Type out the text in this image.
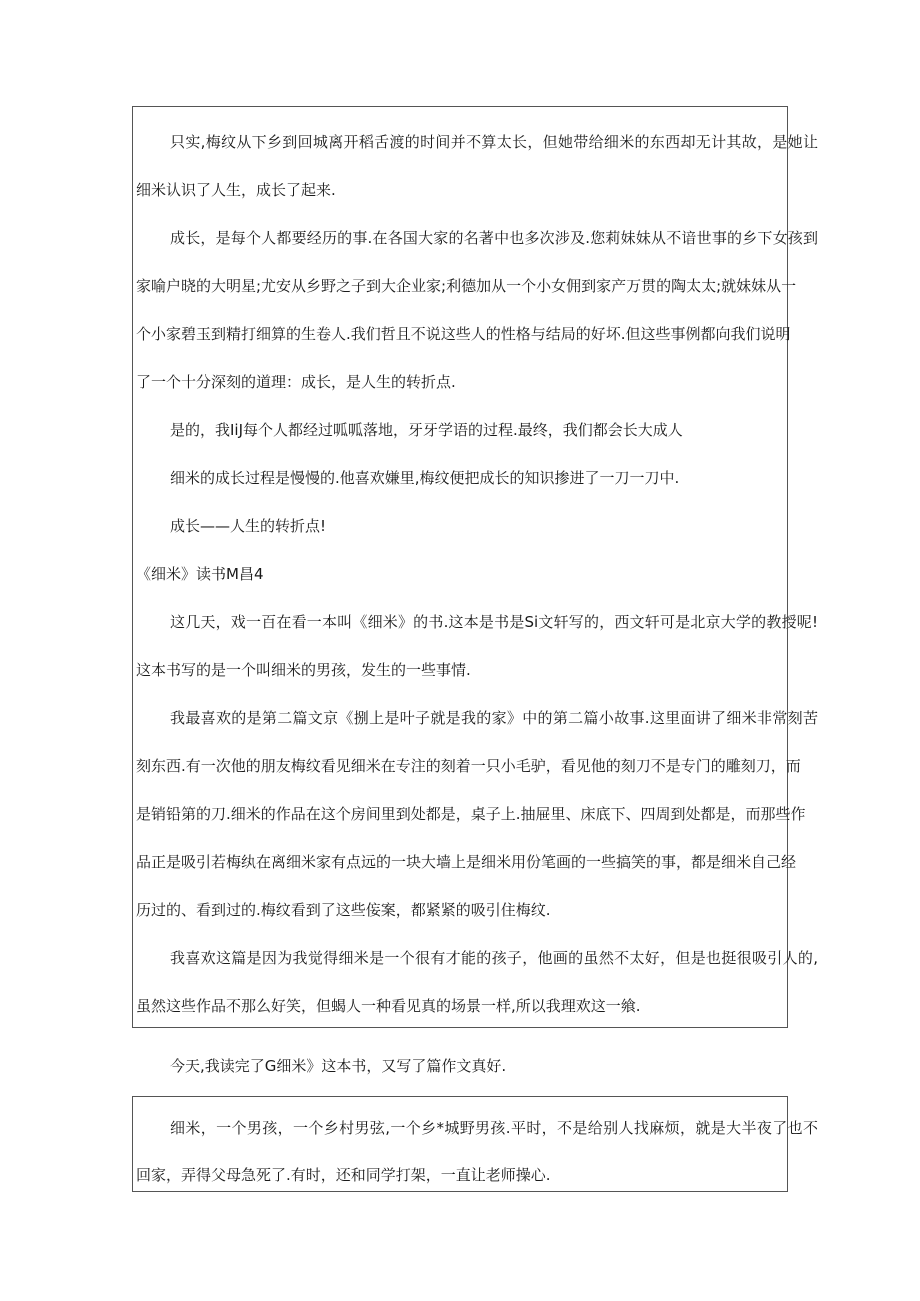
只实,梅纹从下乡到回城离开稻舌渡的时间并不算太长，但她带给细米的东西却无计其故，是她让
细米认识了人生，成长了起来.
成长，是每个人都要经历的事.在各国大家的名著中也多次涉及.您莉妹妹从不谙世事的乡下女孩到
家喻户晓的大明星;尤安从乡野之子到大企业家;利德加从一个小女佣到家产万贯的陶太太;就妹妹从一
个小家碧玉到精打细算的生卷人.我们哲且不说这些人的性格与结局的好坏.但这些事例都向我们说明
了一个十分深刻的道理：成长，是人生的转折点.
是的，我IiJ每个人都经过呱呱落地，牙牙学语的过程.最终，我们都会长大成人
细米的成长过程是慢慢的.他喜欢嫌里,梅纹便把成长的知识掺进了一刀一刀中.
成长——人生的转折点!
《细米》读书M昌4
这几天，戏一百在看一本叫《细米》的书.这本是书是Si文轩写的，西文轩可是北京大学的教授呢!
这本书写的是一个叫细米的男孩，发生的一些事情.
我最喜欢的是第二篇文京《捌上是叶子就是我的家》中的第二篇小故事.这里面讲了细米非常刻苦
刻东西.有一次他的朋友梅纹看见细米在专注的刻着一只小毛驴，看见他的刻刀不是专门的雕刻刀，而
是销铅第的刀.细米的作品在这个房间里到处都是，桌子上.抽屉里、床底下、四周到处都是，而那些作
品正是吸引若梅纨在离细米家有点远的一块大墙上是细米用份笔画的一些搞笑的事，都是细米自己经
历过的、看到过的.梅纹看到了这些侫案，都紧紧的吸引住梅纹.
我喜欢这篇是因为我觉得细米是一个很有才能的孩子，他画的虽然不太好，但是也挺很吸引人的,
虽然这些作品不那么好笑，但蝎人一种看见真的场景一样,所以我理欢这一飨.
今天,我读完了G细米》这本书，又写了篇作文真好.
细米，一个男孩，一个乡村男弦,一个乡*城野男孩.平时，不是给别人找麻烦，就是大半夜了也不
回家，弄得父母急死了.有时，还和同学打架，一直让老师操心.
